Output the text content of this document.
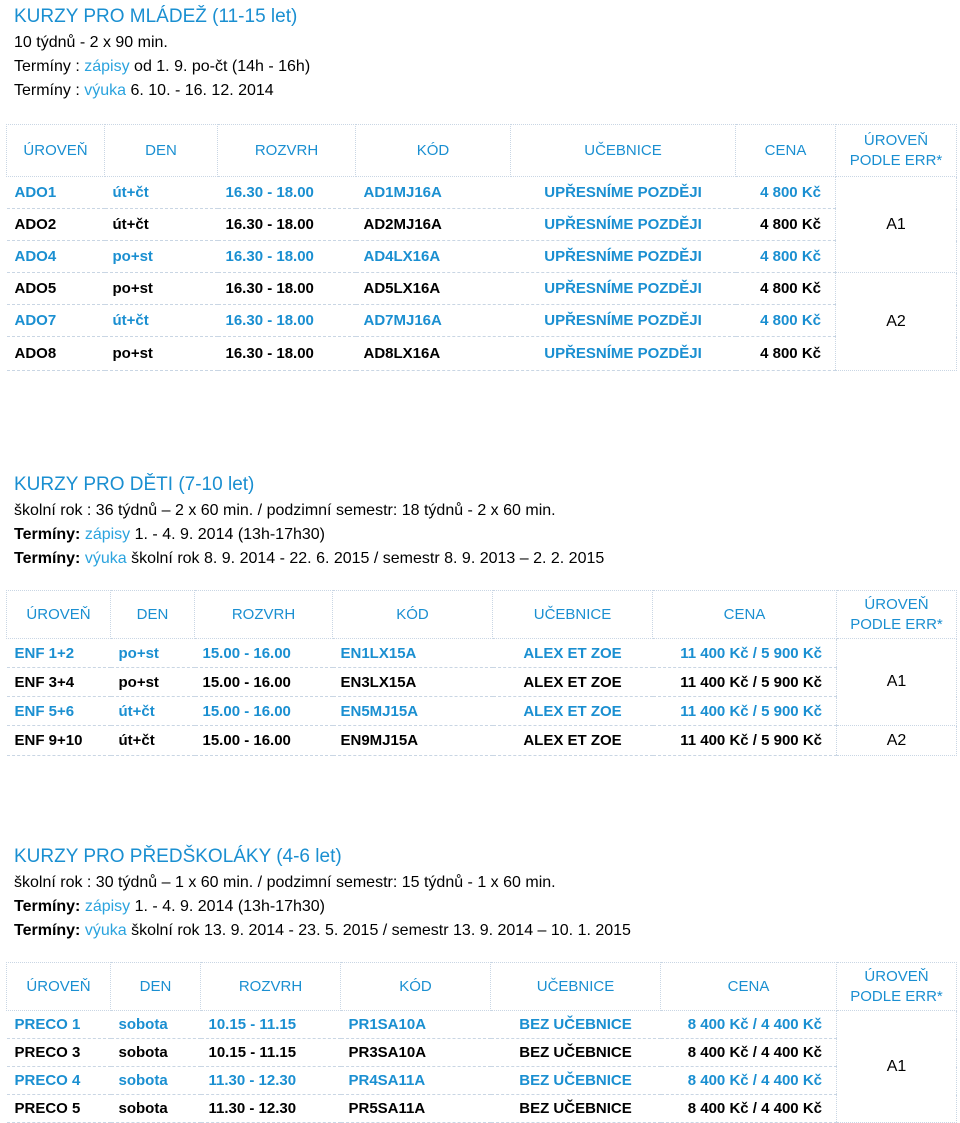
KURZY PRO MLÁDEŽ (11-15 let)
10 týdnů - 2 x 90 min.
Termíny : zápisy od 1. 9. po-čt (14h - 16h)
Termíny : výuka 6. 10. - 16. 12. 2014
ÚROVEŇ	DEN	ROZVRH	KÓD	UČEBNICE	CENA	ÚROVEŇ
PODLE ERR*
ADO1	út+čt	16.30 - 18.00	AD1MJ16A	UPŘESNÍME POZDĚJI	4 800 Kč	A1
ADO2	út+čt	16.30 - 18.00	AD2MJ16A	UPŘESNÍME POZDĚJI	4 800 Kč	
ADO4	po+st	16.30 - 18.00	AD4LX16A	UPŘESNÍME POZDĚJI	4 800 Kč	
ADO5	po+st	16.30 - 18.00	AD5LX16A	UPŘESNÍME POZDĚJI	4 800 Kč	A2
ADO7	út+čt	16.30 - 18.00	AD7MJ16A	UPŘESNÍME POZDĚJI	4 800 Kč	
ADO8	po+st	16.30 - 18.00	AD8LX16A	UPŘESNÍME POZDĚJI	4 800 Kč	
KURZY PRO DĚTI (7-10 let)
školní rok : 36 týdnů – 2 x 60 min. / podzimní semestr: 18 týdnů - 2 x 60 min.
Termíny: zápisy 1. - 4. 9. 2014 (13h-17h30)
Termíny: výuka školní rok 8. 9. 2014 - 22. 6. 2015 / semestr 8. 9. 2013 – 2. 2. 2015
ÚROVEŇ	DEN	ROZVRH	KÓD	UČEBNICE	CENA	ÚROVEŇ
PODLE ERR*
ENF 1+2	po+st	15.00 - 16.00	EN1LX15A	ALEX ET ZOE	11 400 Kč / 5 900 Kč	A1
ENF 3+4	po+st	15.00 - 16.00	EN3LX15A	ALEX ET ZOE	11 400 Kč / 5 900 Kč	
ENF 5+6	út+čt	15.00 - 16.00	EN5MJ15A	ALEX ET ZOE	11 400 Kč / 5 900 Kč	
ENF 9+10	út+čt	15.00 - 16.00	EN9MJ15A	ALEX ET ZOE	11 400 Kč / 5 900 Kč	A2
KURZY PRO PŘEDŠKOLÁKY (4-6 let)
školní rok : 30 týdnů – 1 x 60 min. / podzimní semestr: 15 týdnů - 1 x 60 min.
Termíny: zápisy 1. - 4. 9. 2014 (13h-17h30)
Termíny: výuka školní rok 13. 9. 2014 - 23. 5. 2015 / semestr 13. 9. 2014 – 10. 1. 2015
ÚROVEŇ	DEN	ROZVRH	KÓD	UČEBNICE	CENA	ÚROVEŇ
PODLE ERR*
PRECO 1	sobota	10.15 - 11.15	PR1SA10A	BEZ UČEBNICE	8 400 Kč / 4 400 Kč	A1
PRECO 3	sobota	10.15 - 11.15	PR3SA10A	BEZ UČEBNICE	8 400 Kč / 4 400 Kč	
PRECO 4	sobota	11.30 - 12.30	PR4SA11A	BEZ UČEBNICE	8 400 Kč / 4 400 Kč	
PRECO 5	sobota	11.30 - 12.30	PR5SA11A	BEZ UČEBNICE	8 400 Kč / 4 400 Kč	
